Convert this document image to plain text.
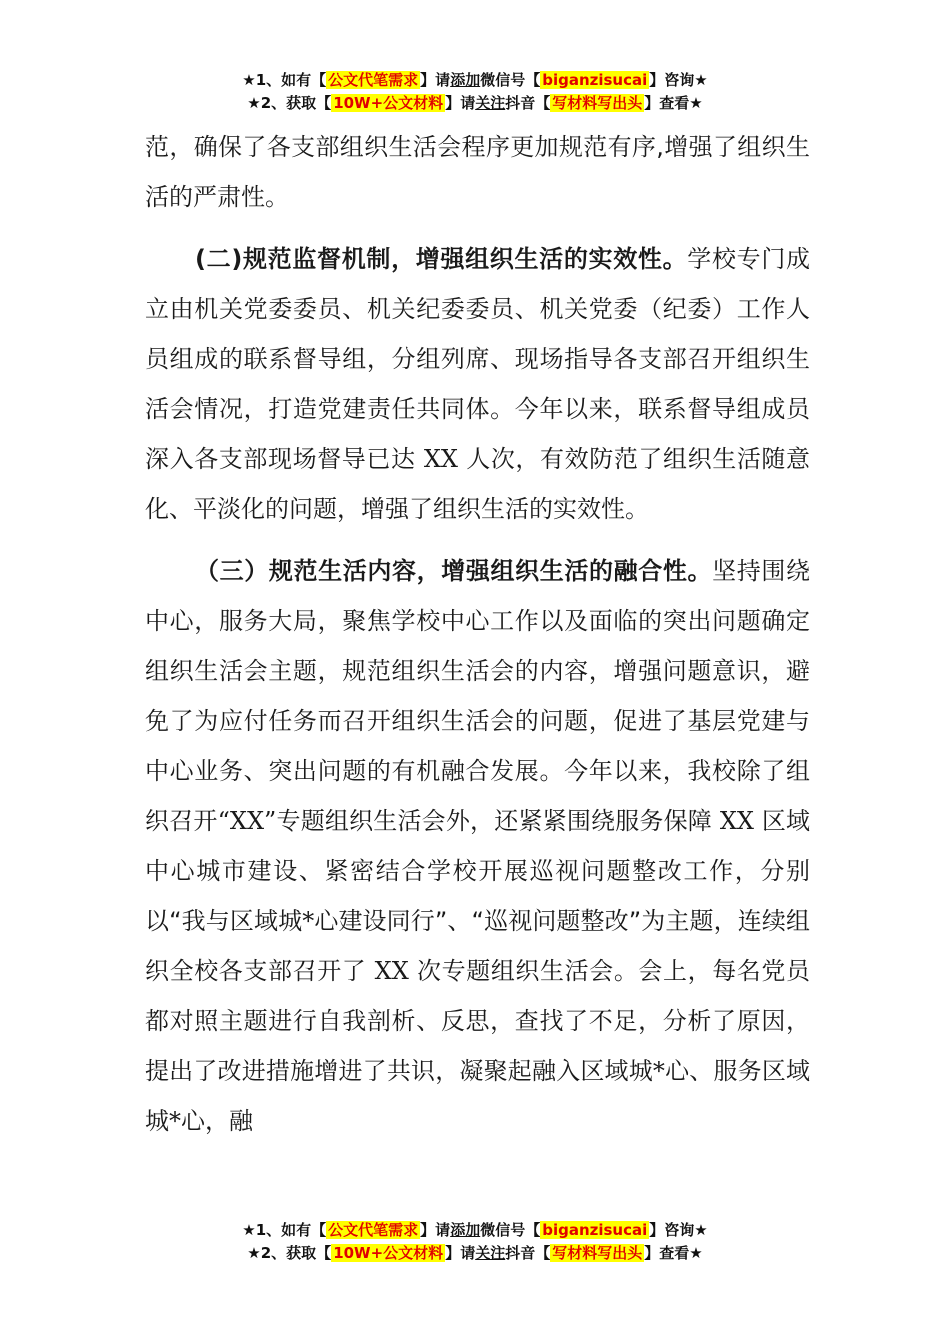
★1、如有【 公文代笔需求 】请添加微信号【 biganzisucai 】咨询★
★2、获取【 10W+公文材料 】请关注抖音【 写材料写出头 】查看★

范，确保了各支部组织生活会程序更加规范有序,增强了组织生活的严肃性。

(二)规范监督机制，增强组织生活的实效性。学校专门成立由机关党委委员、机关纪委委员、机关党委（纪委）工作人员组成的联系督导组，分组列席、现场指导各支部召开组织生活会情况，打造党建责任共同体。今年以来，联系督导组成员深入各支部现场督导已达 XX 人次，有效防范了组织生活随意化、平淡化的问题，增强了组织生活的实效性。

（三）规范生活内容，增强组织生活的融合性。坚持围绕中心，服务大局，聚焦学校中心工作以及面临的突出问题确定组织生活会主题，规范组织生活会的内容，增强问题意识，避免了为应付任务而召开组织生活会的问题，促进了基层党建与中心业务、突出问题的有机融合发展。今年以来，我校除了组织召开“XX”专题组织生活会外，还紧紧围绕服务保障 XX 区域中心城市建设、紧密结合学校开展巡视问题整改工作，分别以“我与区域城*心建设同行”、“巡视问题整改”为主题，连续组织全校各支部召开了 XX 次专题组织生活会。会上，每名党员都对照主题进行自我剖析、反思，查找了不足，分析了原因，提出了改进措施增进了共识，凝聚起融入区域城*心、服务区域城*心，融

★1、如有【 公文代笔需求 】请添加微信号【 biganzisucai 】咨询★
★2、获取【 10W+公文材料 】请关注抖音【 写材料写出头 】查看★
